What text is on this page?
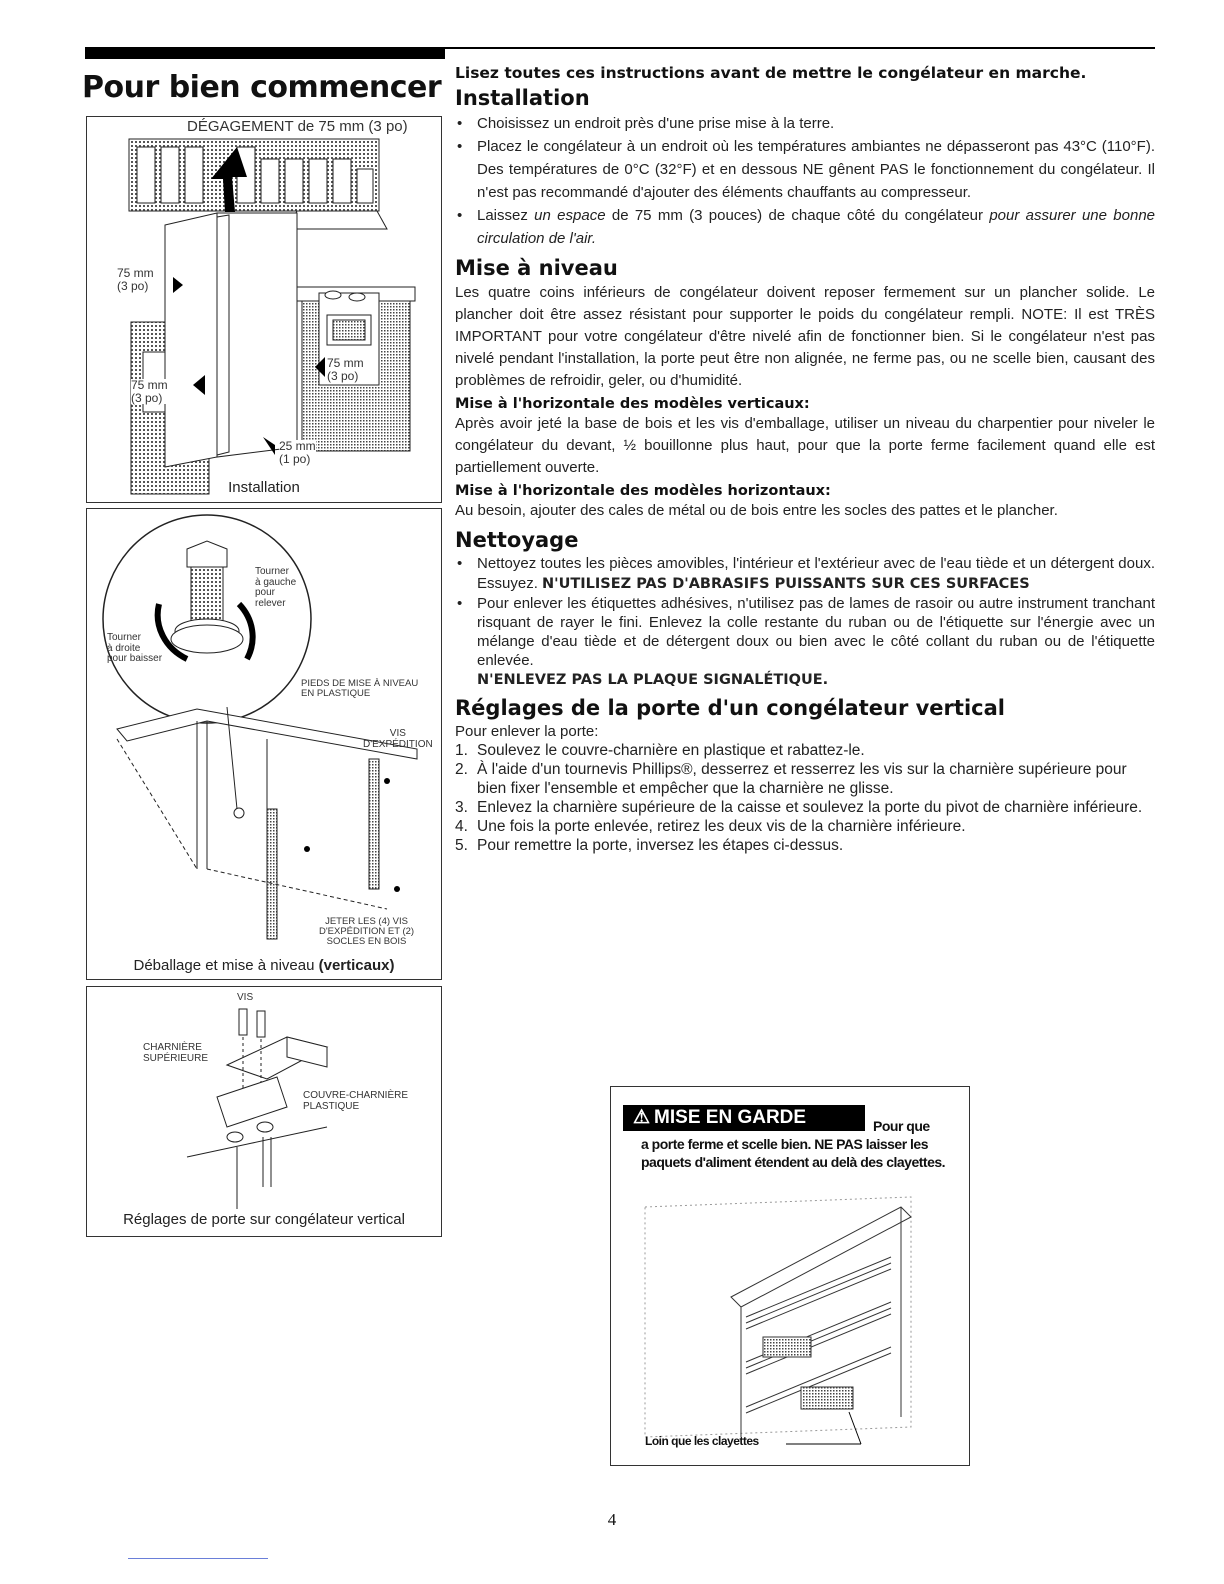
Pour bien commencer
DÉGAGEMENT de 75 mm (3 po)
75 mm
(3 po)
75 mm
(3 po)
75 mm
(3 po)
25 mm
(1 po)
Installation
Tourner
à gauche
pour
relever
Tourner
à droite
pour baisser
PIEDS DE MISE À NIVEAU
EN PLASTIQUE
VIS
D'EXPÉDITION
JETER LES (4) VIS
D'EXPÉDITION ET (2)
SOCLES EN BOIS
Déballage et mise à niveau (verticaux)
VIS
CHARNIÈRE
SUPÉRIEURE
COUVRE-CHARNIÈRE
PLASTIQUE
Réglages de porte sur congélateur vertical
Lisez toutes ces instructions avant de mettre le congélateur en marche.
Installation
• Choisissez un endroit près d'une prise mise à la terre.
• Placez le congélateur à un endroit où les températures ambiantes ne dépasseront pas 43°C (110°F). Des températures de 0°C (32°F) et en dessous NE gênent PAS le fonctionnement du congélateur. Il n'est pas recommandé d'ajouter des éléments chauffants au compresseur.
• Laissez un espace de 75 mm (3 pouces) de chaque côté du congélateur pour assurer une bonne circulation de l'air.
Mise à niveau

Les quatre coins inférieurs de congélateur doivent reposer fermement sur un plancher solide. Le plancher doit être assez résistant pour supporter le poids du congélateur rempli. NOTE: Il est TRÈS IMPORTANT pour votre congélateur d'être nivelé afin de fonctionner bien. Si le congélateur n'est pas nivelé pendant l'installation, la porte peut être non alignée, ne ferme pas, ou ne scelle bien, causant des problèmes de refroidir, geler, ou d'humidité.

Mise à l'horizontale des modèles verticaux:

Après avoir jeté la base de bois et les vis d'emballage, utiliser un niveau du charpentier pour niveler le congélateur du devant, ½ bouillonne plus haut, pour que la porte ferme facilement quand elle est partiellement ouverte.

Mise à l'horizontale des modèles horizontaux:

Au besoin, ajouter des cales de métal ou de bois entre les socles des pattes et le plancher.

Nettoyage
• Nettoyez toutes les pièces amovibles, l'intérieur et l'extérieur avec de l'eau tiède et un détergent doux. Essuyez. N'UTILISEZ PAS D'ABRASIFS PUISSANTS SUR CES SURFACES
• Pour enlever les étiquettes adhésives, n'utilisez pas de lames de rasoir ou autre instrument tranchant risquant de rayer le fini. Enlevez la colle restante du ruban ou de l'étiquette sur l'énergie avec un mélange d'eau tiède et de détergent doux ou bien avec le côté collant du ruban ou de l'étiquette enlevée.
N'ENLEVEZ PAS LA PLAQUE SIGNALÉTIQUE.
Réglages de la porte d'un congélateur vertical

Pour enlever la porte:

1. Soulevez le couvre-charnière en plastique et rabattez-le.
2. À l'aide d'un tournevis Phillips®, desserrez et resserrez les vis sur la charnière supérieure pour bien fixer l'ensemble et empêcher que la charnière ne glisse.
3. Enlevez la charnière supérieure de la caisse et soulevez la porte du pivot de charnière inférieure.
4. Une fois la porte enlevée, retirez les deux vis de la charnière inférieure.
5. Pour remettre la porte, inversez les étapes ci-dessus.
⚠ MISE EN GARDE	Pour que
a porte ferme et scelle bien. NE PAS laisser les paquets d'aliment étendent au delà des clayettes.
Loin que les clayettes
4
